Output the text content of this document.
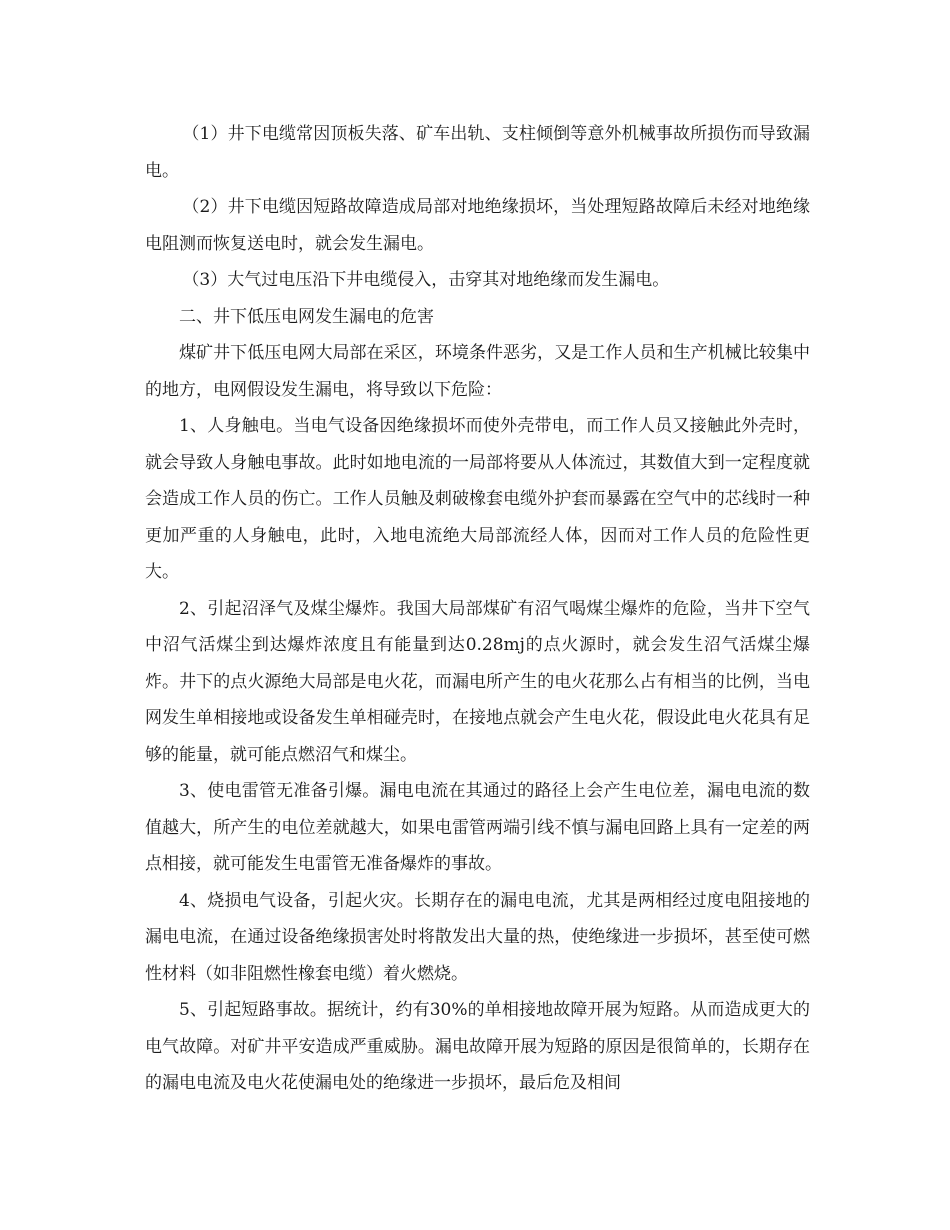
（1）井下电缆常因顶板失落、矿车出轨、支柱倾倒等意外机械事故所损伤而导致漏电。

（2）井下电缆因短路故障造成局部对地绝缘损坏，当处理短路故障后未经对地绝缘电阻测而恢复送电时，就会发生漏电。

（3）大气过电压沿下井电缆侵入，击穿其对地绝缘而发生漏电。

二、井下低压电网发生漏电的危害

煤矿井下低压电网大局部在采区，环境条件恶劣，又是工作人员和生产机械比较集中的地方，电网假设发生漏电，将导致以下危险：

1、人身触电。当电气设备因绝缘损坏而使外壳带电，而工作人员又接触此外壳时，就会导致人身触电事故。此时如地电流的一局部将要从人体流过，其数值大到一定程度就会造成工作人员的伤亡。工作人员触及刺破橡套电缆外护套而暴露在空气中的芯线时一种更加严重的人身触电，此时，入地电流绝大局部流经人体，因而对工作人员的危险性更大。

2、引起沼泽气及煤尘爆炸。我国大局部煤矿有沼气喝煤尘爆炸的危险，当井下空气中沼气活煤尘到达爆炸浓度且有能量到达0.28mj的点火源时，就会发生沼气活煤尘爆炸。井下的点火源绝大局部是电火花，而漏电所产生的电火花那么占有相当的比例，当电网发生单相接地或设备发生单相碰壳时，在接地点就会产生电火花，假设此电火花具有足够的能量，就可能点燃沼气和煤尘。

3、使电雷管无准备引爆。漏电电流在其通过的路径上会产生电位差，漏电电流的数值越大，所产生的电位差就越大，如果电雷管两端引线不慎与漏电回路上具有一定差的两点相接，就可能发生电雷管无准备爆炸的事故。

4、烧损电气设备，引起火灾。长期存在的漏电电流，尤其是两相经过度电阻接地的漏电电流，在通过设备绝缘损害处时将散发出大量的热，使绝缘进一步损坏，甚至使可燃性材料（如非阻燃性橡套电缆）着火燃烧。

5、引起短路事故。据统计，约有30%的单相接地故障开展为短路。从而造成更大的电气故障。对矿井平安造成严重威胁。漏电故障开展为短路的原因是很简单的，长期存在的漏电电流及电火花使漏电处的绝缘进一步损坏，最后危及相间
